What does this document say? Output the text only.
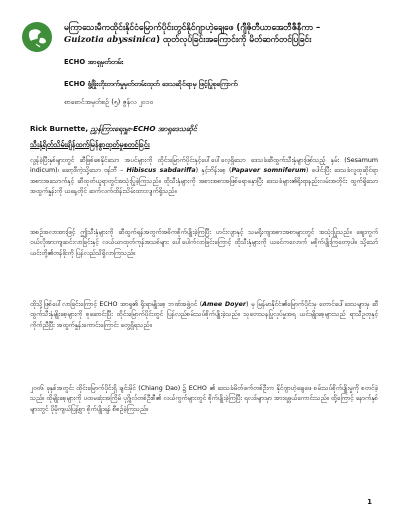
မကြာသေးမီကထိုင်းနိုင်ငံမြောက်ပိုင်းတွင်နိုင်ဂျာဟဲ့ချေဖေ (ဂျီဇိုတီယာအေဘီဇီနီကာ –
Guizotia abyssinica) ထုတ်လုပ်ခြင်းအကြောင်းကို မိတ်ဆက်တင်ပြခြင်း
ECHO အာရှမှတ်တမ်း
ECHO ဖွံ့ဖြိုးတိုးတက်မှုမှတ်တမ်းထုတ် ဒေသဆိုင်ရာမှ ဖြင့်ပြုစုကြောက်
စာစောင်အမှတ်စဉ် (၅) ဇွန်လ ၂၀၁၀
Rick Burnette, ညွှန်ကြားရေးမှူး-ECHO အာရှဒေသဆိုင်
သီးနှံရိတ်သိမ်းချိန်ထက်မြန်စွာထုတ်မှုစတင်ခြင်း

လွန်ခဲ့ပြီးနှစ်များတွင် ဆီဖြစ်စေနိုင်သော အပင်များကို ထိုင်းမြောက်ပိုင်းနှင့်ပေါ်ပေါ်လေ့ရှိသော ဒေသခံဆီထွက်သီးနှံများဖြစ်သည့် နှမ်း (Sesamum indicum)၊ ဆော့ဒီကဲ့သို့သော ဗန်ဘီ – Hibiscus sabdariffa) နှင့်ဘိန်းစေ့ (Papaver somniferum) ပေါင်းပြီး ဒေသခံလူထုဆိုင်ရာအစားအသောက်နှင့် ဆီထုတ်ယူရာတွင်အသုံးပြုခဲ့ကြသည်။ ထိုသီးနှံများကို အစားအစာအဖြစ်ရောနှောပြီး ဒေသခံများ၏ရိုးရာနည်းလမ်းအတိုင်း ထွက်ရှိသော အထွက်နှုန်းကို ယနေ့တိုင် ဆက်လက်ထိန်းသိမ်းထားလျက်ရှိသည်။

အစဉ်အလာအားဖြင့် ဤသီးနှံများကို ဆီထွက်ရန်အတွက်အဓိကစိုက်ပျိုးခဲ့ကြပြီး ဟင်းလျာနှင့် သမရိုးကျအစားအစာများတွင် အသုံးပြုသည်။ ဈေးကွက်ဝယ်လိုအားကျဆင်းလာခြင်းနှင့် လယ်ယာထုတ်ကုန်အသစ်များ ပေါ်ပေါက်လာခြင်းကြောင့် ထိုသီးနှံများကို ယခင်ကလောက် မစိုက်ပျိုးကြတော့ပါ။ သို့သော် ယင်းတို့၏တန်ဖိုးကို ပြန်လည်သိရှိလာကြသည်။

ထိုသို့ဖြစ်ပေါ်လာခြင်းကြောင့် ECHO အာရှ၏ ရိုးရာမျိုးစေ့ ဘဏ်အဖွဲ့ဝင် (Amee Doyer) မှ မြန်မာနိုင်ငံ၏မြောက်ပိုင်းမှ တောင်ပေါ်ဒေသများမှ ဆီထွက်သီးနှံမျိုးစေ့များကို စုဆောင်းပြီး ထိုင်းမြောက်ပိုင်းတွင် ပြန်လည်စမ်းသပ်စိုက်ပျိုးခဲ့သည်။ သုတေသနပြုလုပ်မှုအရ ယင်းမျိုးစေ့များသည် ရာသီဥတုနှင့် ကိုက်ညီပြီး အထွက်နှုန်းကောင်းကြောင်း တွေ့ရှိရသည်။

၂၀၀၆ ခုနှစ်အတွင်း ထိုင်းမြောက်ပိုင်းရှိ ချင်းမိုင် (Chiang Dao) ၌ ECHO ၏ ဒေသခံမိတ်ဖက်တစ်ဦးက နိုင်ဂျာဟဲ့ချေဖေ စမ်းသပ်စိုက်ပျိုးမှုကို စတင်ခဲ့သည်။ ထိုမျိုးစေ့များကို ပထမဆုံးအကြိမ် ပုဂ္ဂိုလ်တစ်ဦးစီ၏ လယ်ကွက်များတွင် စိုက်ပျိုးခဲ့ကြပြီး ရလဒ်များမှာ အားရဖွယ်ကောင်းသည်။ ထို့ကြောင့် နောက်နှစ်များတွင် ပိုမိုကျယ်ပြန့်စွာ စိုက်ပျိုးရန် စီစဉ်ခဲ့ကြသည်။

1
